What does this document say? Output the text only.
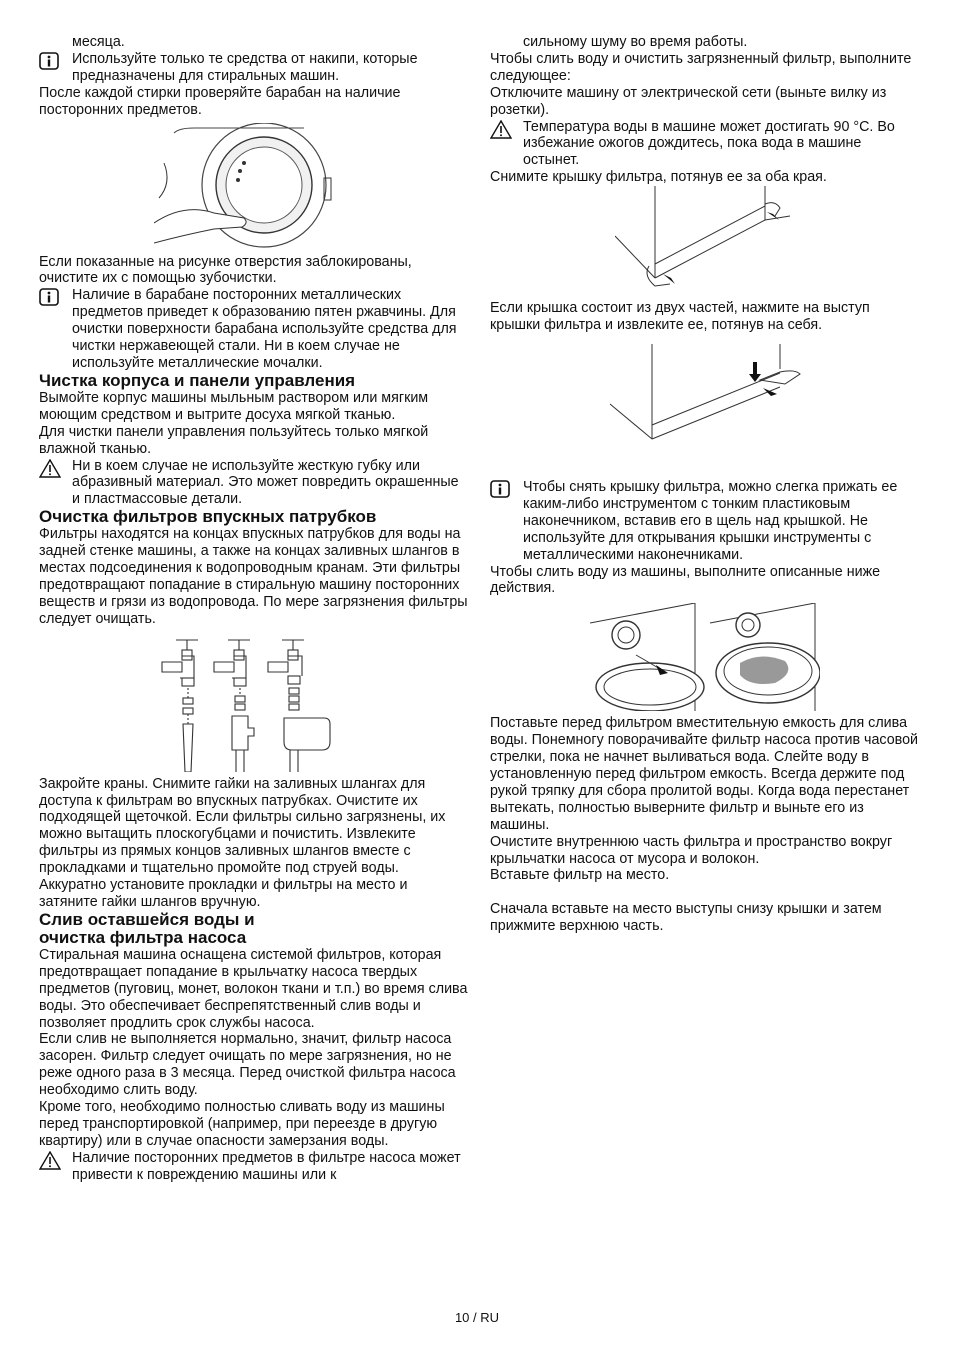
месяца.

Используйте только те средства от накипи, которые предназначены для стиральных машин.

После каждой стирки проверяйте барабан на наличие посторонних предметов.

Если показанные на рисунке отверстия заблокированы, очистите их с помощью зубочистки.

Наличие в барабане посторонних металлических предметов приведет к образованию пятен ржавчины. Для очистки поверхности барабана используйте средства для чистки нержавеющей стали. Ни в коем случае не используйте металлические мочалки.
Чистка корпуса и панели управления

Вымойте корпус машины мыльным раствором или мягким моющим средством и вытрите досуха мягкой тканью.

Для чистки панели управления пользуйтесь только мягкой влажной тканью.

Ни в коем случае не используйте жесткую губку или абразивный материал. Это может повредить окрашенные и пластмассовые детали.
Очистка фильтров впускных патрубков

Фильтры находятся на концах впускных патрубков для воды на задней стенке машины, а также на концах заливных шлангов в местах подсоединения к водопроводным кранам. Эти фильтры предотвращают попадание в стиральную машину посторонних веществ и грязи из водопровода. По мере загрязнения фильтры следует очищать.

Закройте краны. Снимите гайки на заливных шлангах для доступа к фильтрам во впускных патрубках. Очистите их подходящей щеточкой. Если фильтры сильно загрязнены, их можно вытащить плоскогубцами и почистить. Извлеките фильтры из прямых концов заливных шлангов вместе с прокладками и тщательно промойте под струей воды. Аккуратно установите прокладки и фильтры на место и затяните гайки шлангов вручную.

Слив оставшейся воды и
очистка фильтра насоса

Стиральная машина оснащена системой фильтров, которая предотвращает попадание в крыльчатку насоса твердых предметов (пуговиц, монет, волокон ткани и т.п.) во время слива воды. Это обеспечивает беспрепятственный слив воды и позволяет продлить срок службы насоса.

Если слив не выполняется нормально, значит, фильтр насоса засорен. Фильтр следует очищать по мере загрязнения, но не реже одного раза в 3 месяца. Перед очисткой фильтра насоса необходимо слить воду.

Кроме того, необходимо полностью сливать воду из машины перед транспортировкой (например, при переезде в другую квартиру) или в случае опасности замерзания воды.

Наличие посторонних предметов в фильтре насоса может привести к повреждению машины или к

сильному шуму во время работы.

Чтобы слить воду и очистить загрязненный фильтр, выполните следующее:

Отключите машину от электрической сети (выньте вилку из розетки).

Температура воды в машине может достигать 90 °C. Во избежание ожогов дождитесь, пока вода в машине остынет.

Снимите крышку фильтра, потянув ее за оба края.

Если крышка состоит из двух частей, нажмите на выступ крышки фильтра и извлеките ее, потянув на себя.

Чтобы снять крышку фильтра, можно слегка прижать ее каким-либо инструментом с тонким пластиковым наконечником, вставив его в щель над крышкой. Не используйте для открывания крышки инструменты с металлическими наконечниками.

Чтобы слить воду из машины, выполните описанные ниже действия.

Поставьте перед фильтром вместительную емкость для слива воды. Понемногу поворачивайте фильтр насоса против часовой стрелки, пока не начнет выливаться вода. Слейте воду в установленную перед фильтром емкость. Всегда держите под рукой тряпку для сбора пролитой воды. Когда вода перестанет вытекать, полностью выверните фильтр и выньте его из машины.

Очистите внутреннюю часть фильтра и пространство вокруг крыльчатки насоса от мусора и волокон.

Вставьте фильтр на место.

Сначала вставьте на место выступы снизу крышки и затем прижмите верхнюю часть.

10 / RU
